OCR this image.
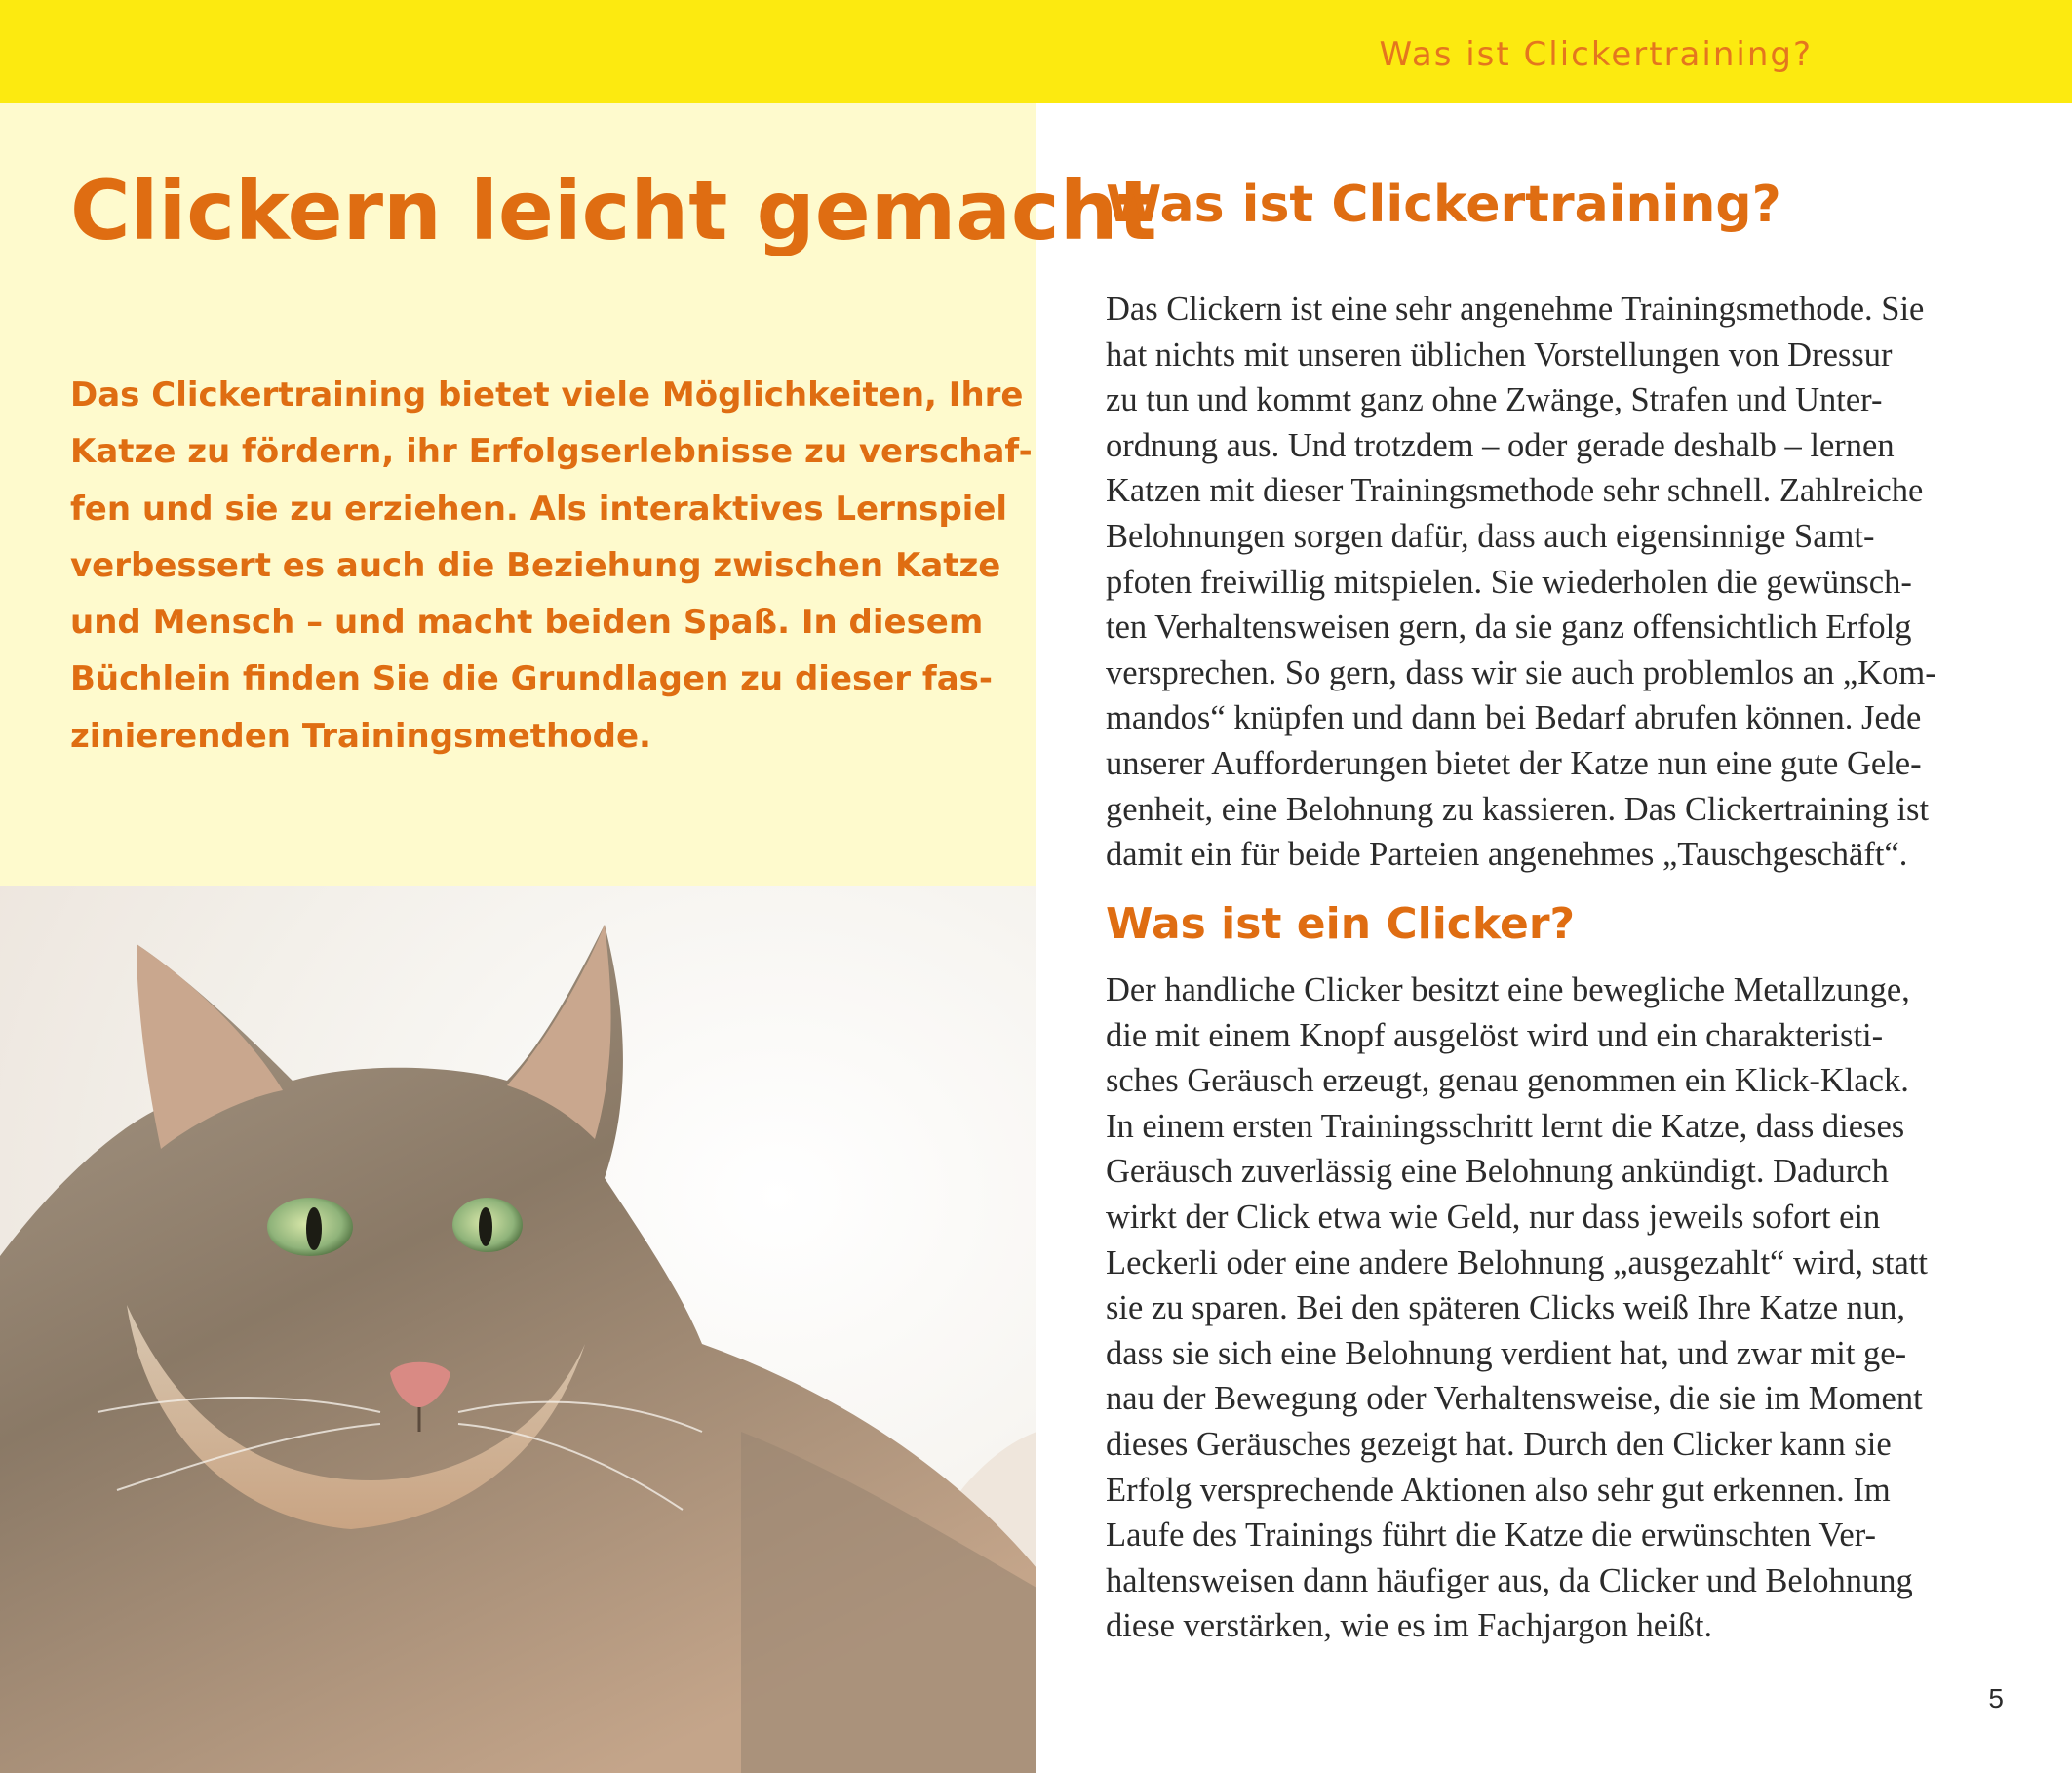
Was ist Clickertraining?
Clickern leicht gemacht
Das Clickertraining bietet viele Möglichkeiten, Ihre
Katze zu fördern, ihr Erfolgserlebnisse zu verschaf-
fen und sie zu erziehen. Als interaktives Lernspiel
verbessert es auch die Beziehung zwischen Katze
und Mensch – und macht beiden Spaß. In diesem
Büchlein finden Sie die Grundlagen zu dieser fas-
zinierenden Trainingsmethode.
Was ist Clickertraining?
Das Clickern ist eine sehr angenehme Trainingsmethode. Sie
hat nichts mit unseren üblichen Vorstellungen von Dressur
zu tun und kommt ganz ohne Zwänge, Strafen und Unter-
ordnung aus. Und trotzdem – oder gerade deshalb – lernen
Katzen mit dieser Trainingsmethode sehr schnell. Zahlreiche
Belohnungen sorgen dafür, dass auch eigensinnige Samt-
pfoten freiwillig mitspielen. Sie wiederholen die gewünsch-
ten Verhaltensweisen gern, da sie ganz offensichtlich Erfolg
versprechen. So gern, dass wir sie auch problemlos an „Kom-
mandos“ knüpfen und dann bei Bedarf abrufen können. Jede
unserer Aufforderungen bietet der Katze nun eine gute Gele-
genheit, eine Belohnung zu kassieren. Das Clickertraining ist
damit ein für beide Parteien angenehmes „Tauschgeschäft“.
Was ist ein Clicker?
Der handliche Clicker besitzt eine bewegliche Metallzunge,
die mit einem Knopf ausgelöst wird und ein charakteristi-
sches Geräusch erzeugt, genau genommen ein Klick-Klack.
In einem ersten Trainingsschritt lernt die Katze, dass dieses
Geräusch zuverlässig eine Belohnung ankündigt. Dadurch
wirkt der Click etwa wie Geld, nur dass jeweils sofort ein
Leckerli oder eine andere Belohnung „ausgezahlt“ wird, statt
sie zu sparen. Bei den späteren Clicks weiß Ihre Katze nun,
dass sie sich eine Belohnung verdient hat, und zwar mit ge-
nau der Bewegung oder Verhaltensweise, die sie im Moment
dieses Geräusches gezeigt hat. Durch den Clicker kann sie
Erfolg versprechende Aktionen also sehr gut erkennen. Im
Laufe des Trainings führt die Katze die erwünschten Ver-
haltensweisen dann häufiger aus, da Clicker und Belohnung
diese verstärken, wie es im Fachjargon heißt.
5
